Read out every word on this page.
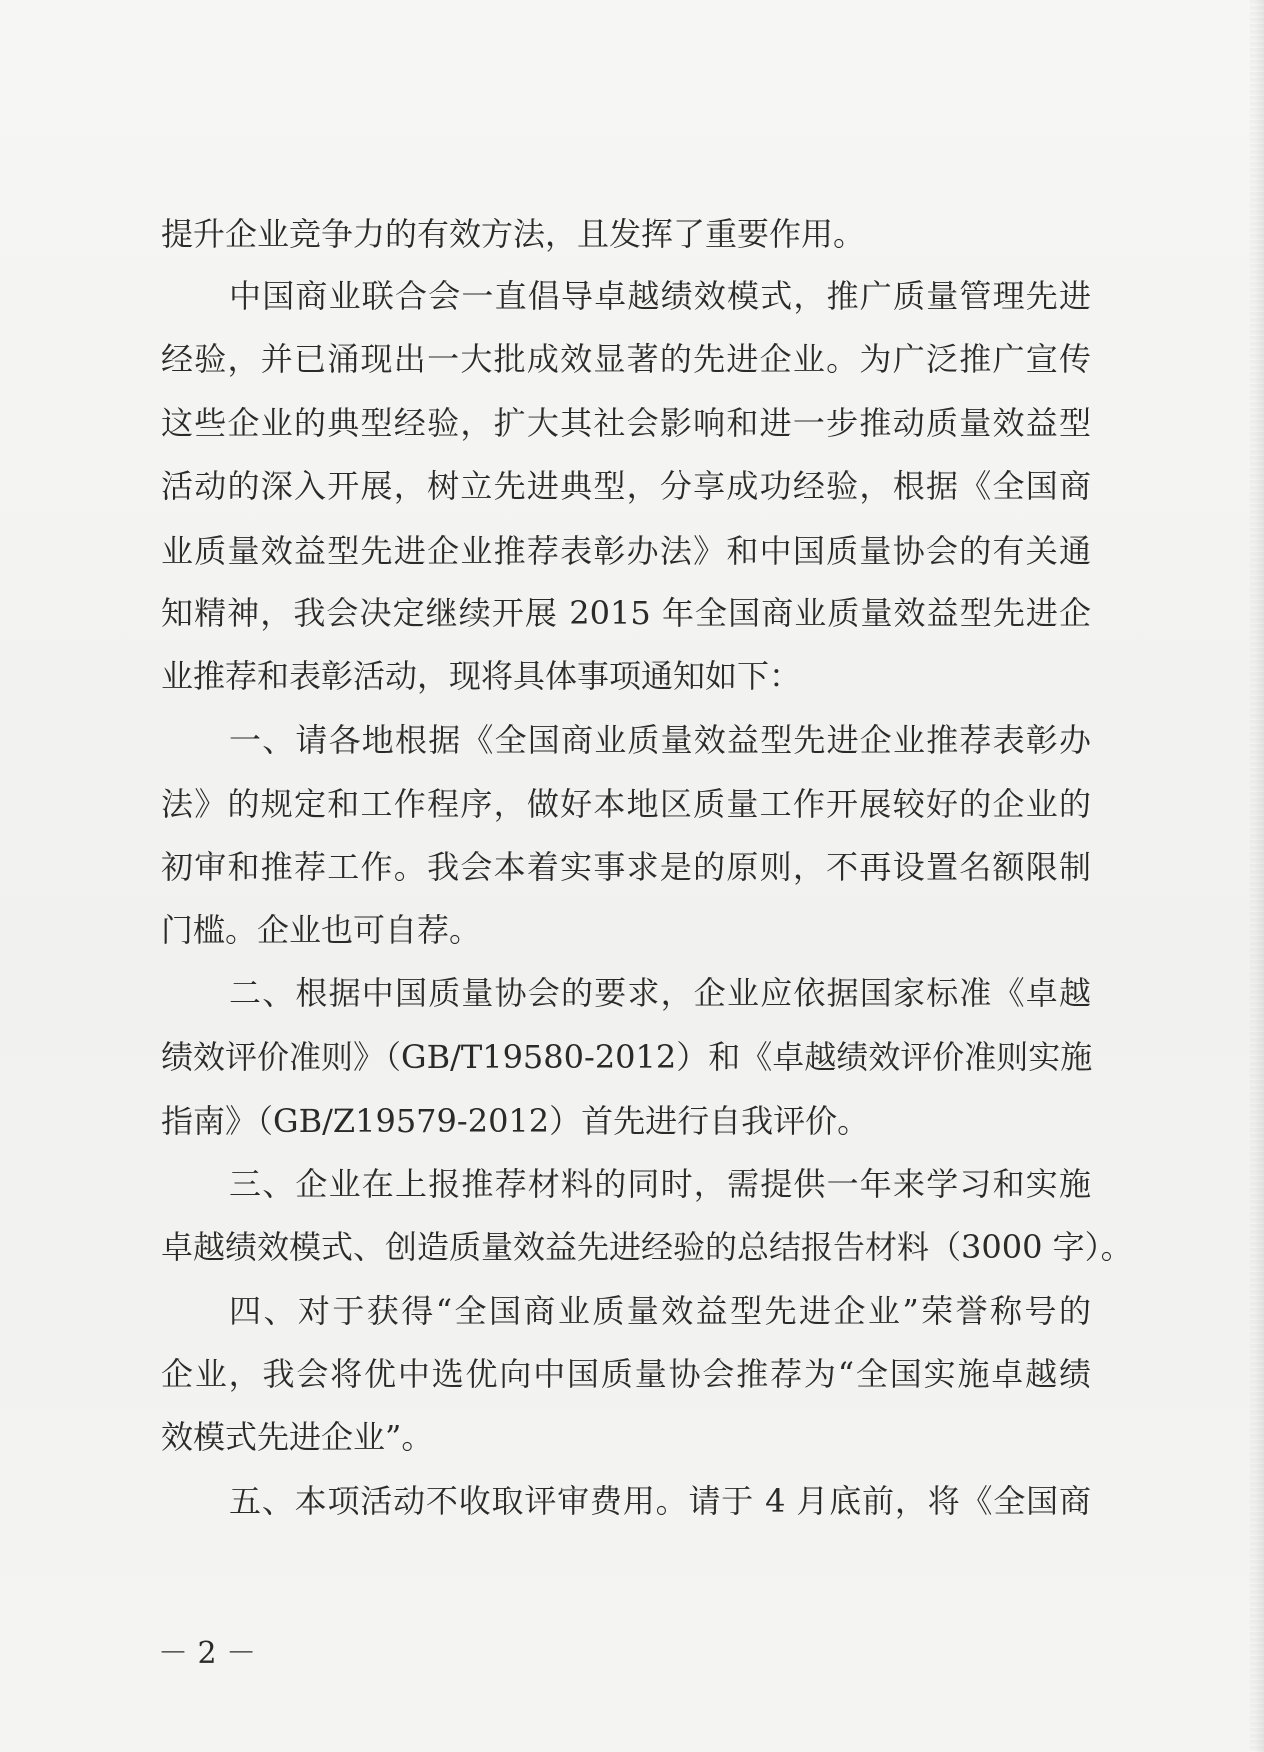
提升企业竞争力的有效方法，且发挥了重要作用。
中国商业联合会一直倡导卓越绩效模式，推广质量管理先进
经验，并已涌现出一大批成效显著的先进企业。为广泛推广宣传
这些企业的典型经验，扩大其社会影响和进一步推动质量效益型
活动的深入开展，树立先进典型，分享成功经验，根据《全国商
业质量效益型先进企业推荐表彰办法》和中国质量协会的有关通
知精神，我会决定继续开展 2015 年全国商业质量效益型先进企
业推荐和表彰活动，现将具体事项通知如下：
一、请各地根据《全国商业质量效益型先进企业推荐表彰办
法》的规定和工作程序，做好本地区质量工作开展较好的企业的
初审和推荐工作。我会本着实事求是的原则，不再设置名额限制
门槛。企业也可自荐。
二、根据中国质量协会的要求，企业应依据国家标准《卓越
绩效评价准则》（GB/T19580-2012）和《卓越绩效评价准则实施
指南》（GB/Z19579-2012）首先进行自我评价。
三、企业在上报推荐材料的同时，需提供一年来学习和实施
卓越绩效模式、创造质量效益先进经验的总结报告材料（3000 字）。
四、对于获得“全国商业质量效益型先进企业”荣誉称号的
企业，我会将优中选优向中国质量协会推荐为“全国实施卓越绩
效模式先进企业”。
五、本项活动不收取评审费用。请于 4 月底前，将《全国商
－ 2 －
